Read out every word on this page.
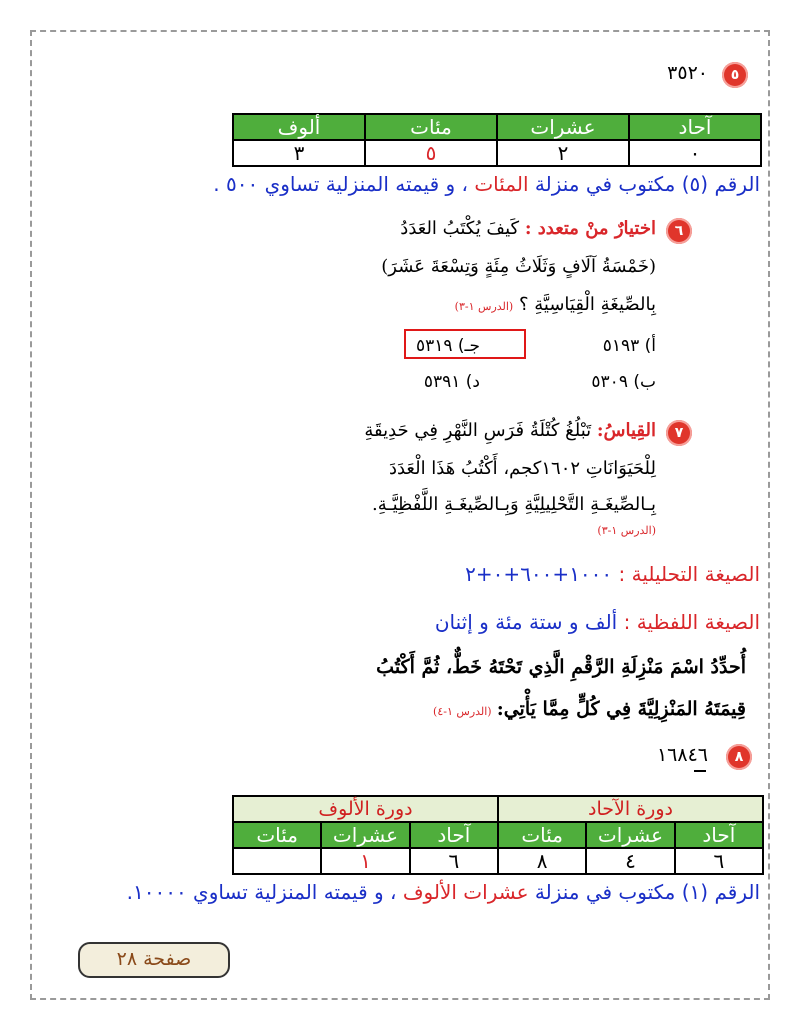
٥
٣٥٢٠
آحاد	عشرات	مئات	ألوف
٠	٢	٥	٣
الرقم (٥) مكتوب في منزلة المئات ، و قيمته المنزلية تساوي ٥٠٠ .
٦
اختيارٌ منْ متعدد : كَيفَ يُكْتَبُ العَدَدُ
(خَمْسَةُ آلَافٍ وَثَلَاثُ مِئَةٍ وَتِسْعَةَ عَشَرَ)
بِالصِّيغَةِ الْقِيَاسِيَّةِ ؟ (الدرس ١-٣)
أ) ٥١٩٣
جـ) ٥٣١٩
ب) ٥٣٠٩
د) ٥٣٩١
٧
القِياسُ: تَبْلُغُ كُتْلَةُ فَرَسِ النَّهْرِ فِي حَدِيقَةِ
لِلْحَيَوَانَاتِ ١٦٠٢كجم، أَكْتُبُ هَذَا الْعَدَدَ
بِـالصِّيغَـةِ التَّحْلِيلِيَّةِ وَبِـالصِّيغَـةِ اللَّفْظِيَّـةِ.
(الدرس ١-٣)
الصيغة التحليلية : ١٠٠٠+٦٠٠+٠+٢
الصيغة اللفظية : ألف و ستة مئة و إثنان
أُحدِّدُ اسْمَ مَنْزِلَةِ الرَّقْمِ الَّذِي تَحْتَهُ خَطٌّ، ثُمَّ أَكْتُبُ
قِيمَتَهُ المَنْزِلِيَّةَ فِي كُلٍّ مِمَّا يَأْتِي: (الدرس ١-٤)
٨
١٦٨٤٦
دورة الآحاد			دورة الألوف		
آحاد	عشرات	مئات	آحاد	عشرات	مئات
٦	٤	٨	٦	١	
الرقم (١) مكتوب في منزلة عشرات الألوف ، و قيمته المنزلية تساوي ١٠٠٠٠.
صفحة ٢٨
